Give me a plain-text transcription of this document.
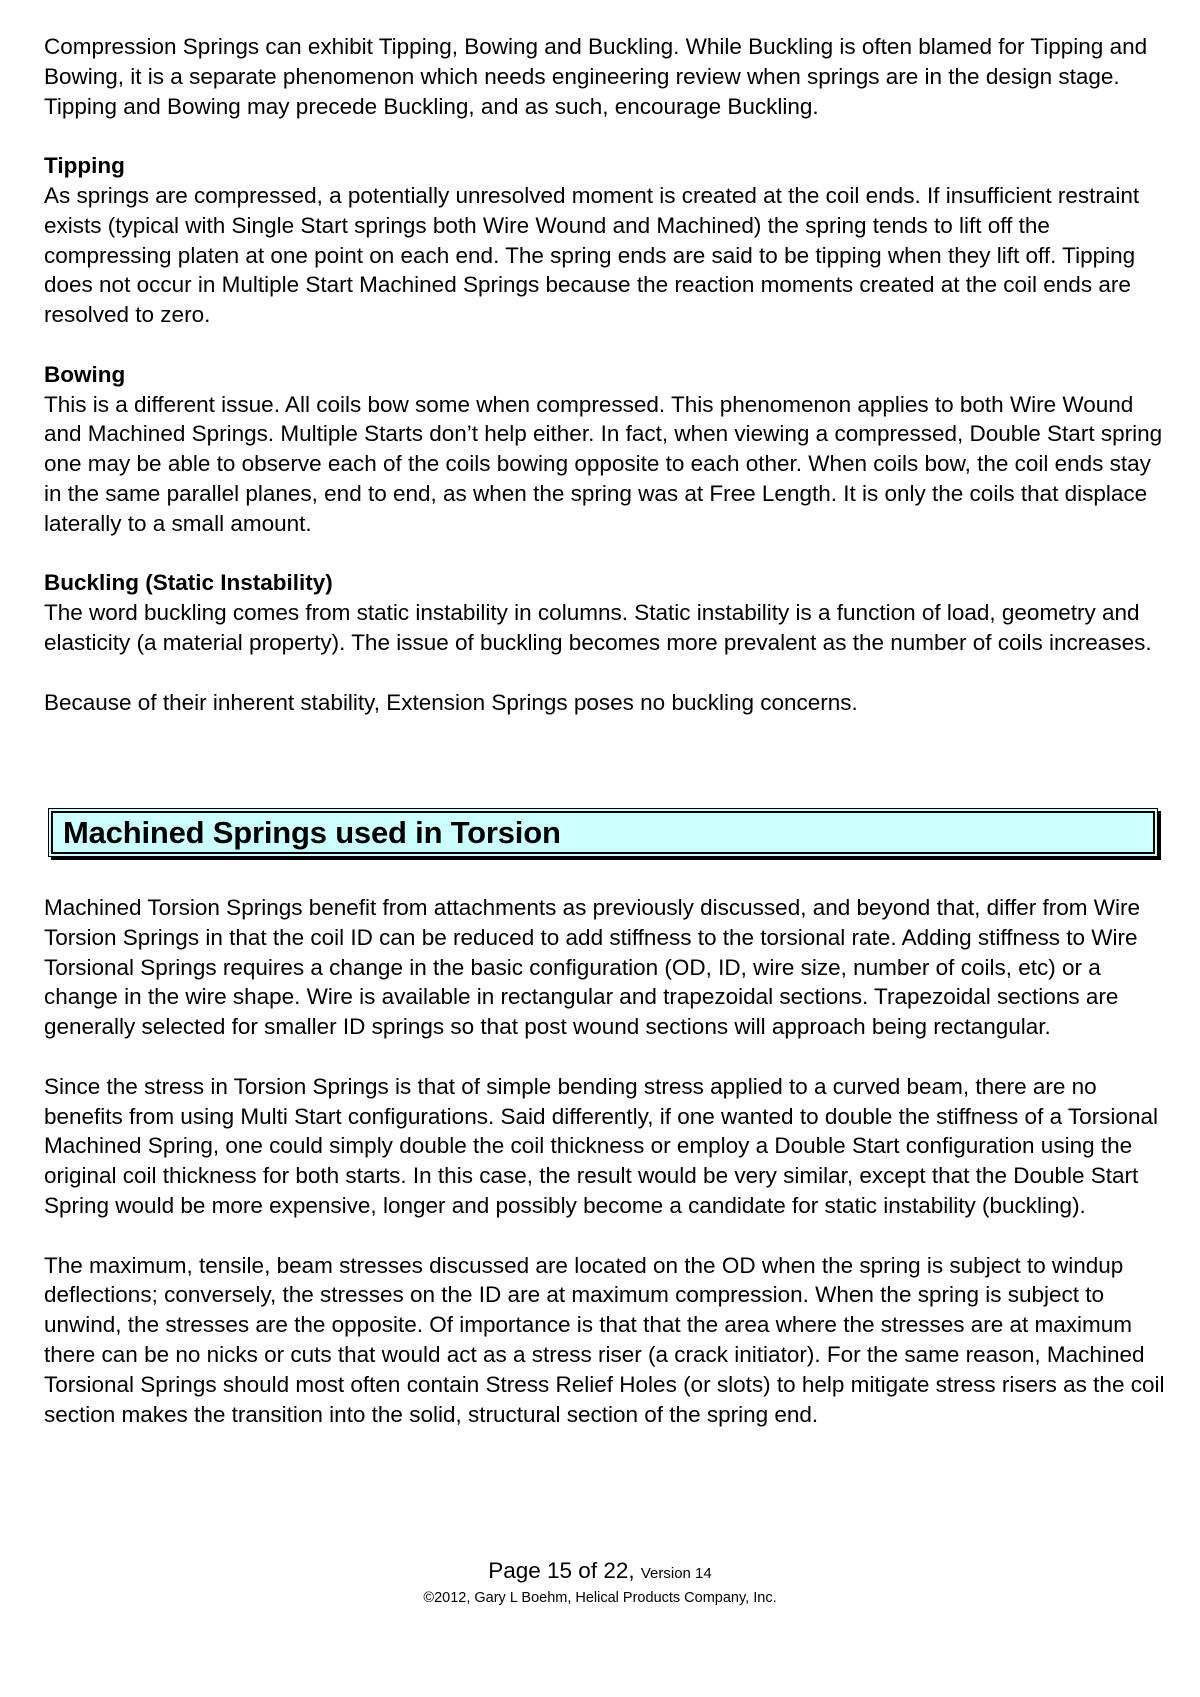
Compression Springs can exhibit Tipping, Bowing and Buckling. While Buckling is often blamed for Tipping and Bowing, it is a separate phenomenon which needs engineering review when springs are in the design stage. Tipping and Bowing may precede Buckling, and as such, encourage Buckling.

Tipping

As springs are compressed, a potentially unresolved moment is created at the coil ends. If insufficient restraint exists (typical with Single Start springs both Wire Wound and Machined) the spring tends to lift off the compressing platen at one point on each end. The spring ends are said to be tipping when they lift off. Tipping does not occur in Multiple Start Machined Springs because the reaction moments created at the coil ends are resolved to zero.

Bowing

This is a different issue. All coils bow some when compressed. This phenomenon applies to both Wire Wound and Machined Springs. Multiple Starts don’t help either. In fact, when viewing a compressed, Double Start spring one may be able to observe each of the coils bowing opposite to each other. When coils bow, the coil ends stay in the same parallel planes, end to end, as when the spring was at Free Length. It is only the coils that displace laterally to a small amount.

Buckling (Static Instability)

The word buckling comes from static instability in columns. Static instability is a function of load, geometry and elasticity (a material property). The issue of buckling becomes more prevalent as the number of coils increases.

Because of their inherent stability, Extension Springs poses no buckling concerns.

Machined Springs used in Torsion

Machined Torsion Springs benefit from attachments as previously discussed, and beyond that, differ from Wire Torsion Springs in that the coil ID can be reduced to add stiffness to the torsional rate. Adding stiffness to Wire Torsional Springs requires a change in the basic configuration (OD, ID, wire size, number of coils, etc) or a change in the wire shape. Wire is available in rectangular and trapezoidal sections. Trapezoidal sections are generally selected for smaller ID springs so that post wound sections will approach being rectangular.

Since the stress in Torsion Springs is that of simple bending stress applied to a curved beam, there are no benefits from using Multi Start configurations. Said differently, if one wanted to double the stiffness of a Torsional Machined Spring, one could simply double the coil thickness or employ a Double Start configuration using the original coil thickness for both starts. In this case, the result would be very similar, except that the Double Start Spring would be more expensive, longer and possibly become a candidate for static instability (buckling).

The maximum, tensile, beam stresses discussed are located on the OD when the spring is subject to windup deflections; conversely, the stresses on the ID are at maximum compression. When the spring is subject to unwind, the stresses are the opposite. Of importance is that that the area where the stresses are at maximum there can be no nicks or cuts that would act as a stress riser (a crack initiator). For the same reason, Machined Torsional Springs should most often contain Stress Relief Holes (or slots) to help mitigate stress risers as the coil section makes the transition into the solid, structural section of the spring end.

Page 15 of 22, Version 14
©2012, Gary L Boehm, Helical Products Company, Inc.
